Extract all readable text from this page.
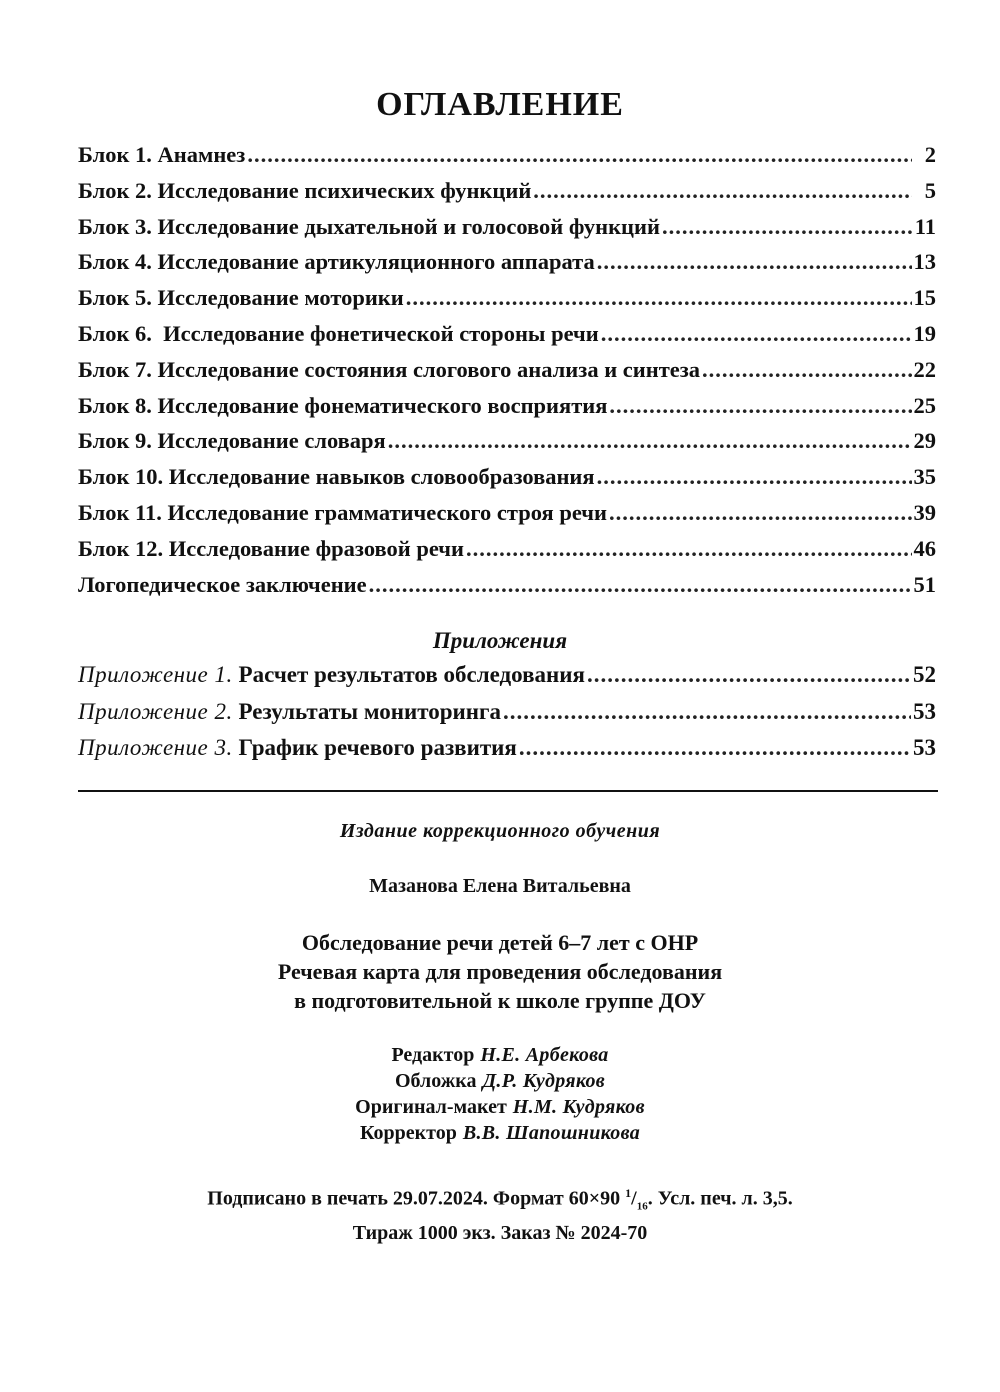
ОГЛАВЛЕНИЕ
Блок 1. Анамнез .....	2
Блок 2. Исследование психических функций .....	5
Блок 3. Исследование дыхательной и голосовой функций .....	11
Блок 4. Исследование артикуляционного аппарата .....	13
Блок 5. Исследование моторики .....	15
Блок 6.  Исследование фонетической стороны речи .....	19
Блок 7. Исследование состояния слогового анализа и синтеза .....	22
Блок 8. Исследование фонематического восприятия .....	25
Блок 9. Исследование словаря .....	29
Блок 10. Исследование навыков словообразования .....	35
Блок 11. Исследование грамматического строя речи .....	39
Блок 12. Исследование фразовой речи .....	46
Логопедическое заключение .....	51
Приложения
Приложение 1. Расчет результатов обследования .....	52
Приложение 2. Результаты мониторинга .....	53
Приложение 3. График речевого развития .....	53
Издание коррекционного обучения
Мазанова Елена Витальевна
Обследование речи детей 6–7 лет с ОНР
Речевая карта для проведения обследования
в подготовительной к школе группе ДОУ
Редактор Н.Е. Арбекова
Обложка Д.Р. Кудряков
Оригинал-макет Н.М. Кудряков
Корректор В.В. Шапошникова
Подписано в печать 29.07.2024. Формат 60×90 $^1/_{16}$. Усл. печ. л. 3,5.
Тираж 1000 экз. Заказ № 2024-70
